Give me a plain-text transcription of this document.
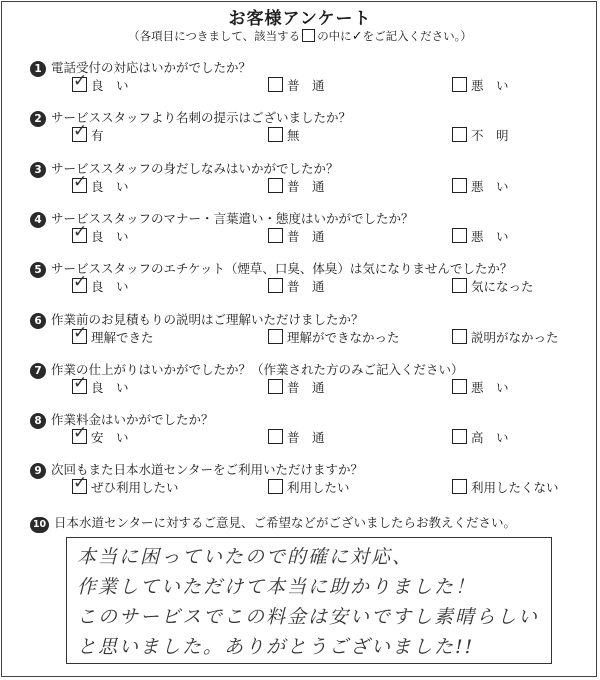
お客様アンケート
（各項目につきまして、該当する の中に✓をご記入ください。）
1 電話受付の対応はいかがでしたか？
✓良　い	普　通	悪　い
2 サービススタッフより名刺の提示はございましたか？
✓有	無	不　明
3 サービススタッフの身だしなみはいかがでしたか？
✓良　い	普　通	悪　い
4 サービススタッフのマナー・言葉遣い・態度はいかがでしたか？
✓良　い	普　通	悪　い
5 サービススタッフのエチケット（煙草、口臭、体臭）は気になりませんでしたか？
✓良　い	普　通	気になった
6 作業前のお見積もりの説明はご理解いただけましたか？
✓理解できた	理解ができなかった	説明がなかった
7 作業の仕上がりはいかがでしたか？（作業された方のみご記入ください）
✓良　い	普　通	悪　い
8 作業料金はいかがでしたか？
✓安　い	普　通	高　い
9 次回もまた日本水道センターをご利用いただけますか？
✓ぜひ利用したい	利用したい	利用したくない
10 日本水道センターに対するご意見、ご希望などがございましたらお教えください。
本当に困っていたので的確に対応、
作業していただけて本当に助かりました！
このサービスでこの料金は安いですし素晴らしい
と思いました。ありがとうございました!!
